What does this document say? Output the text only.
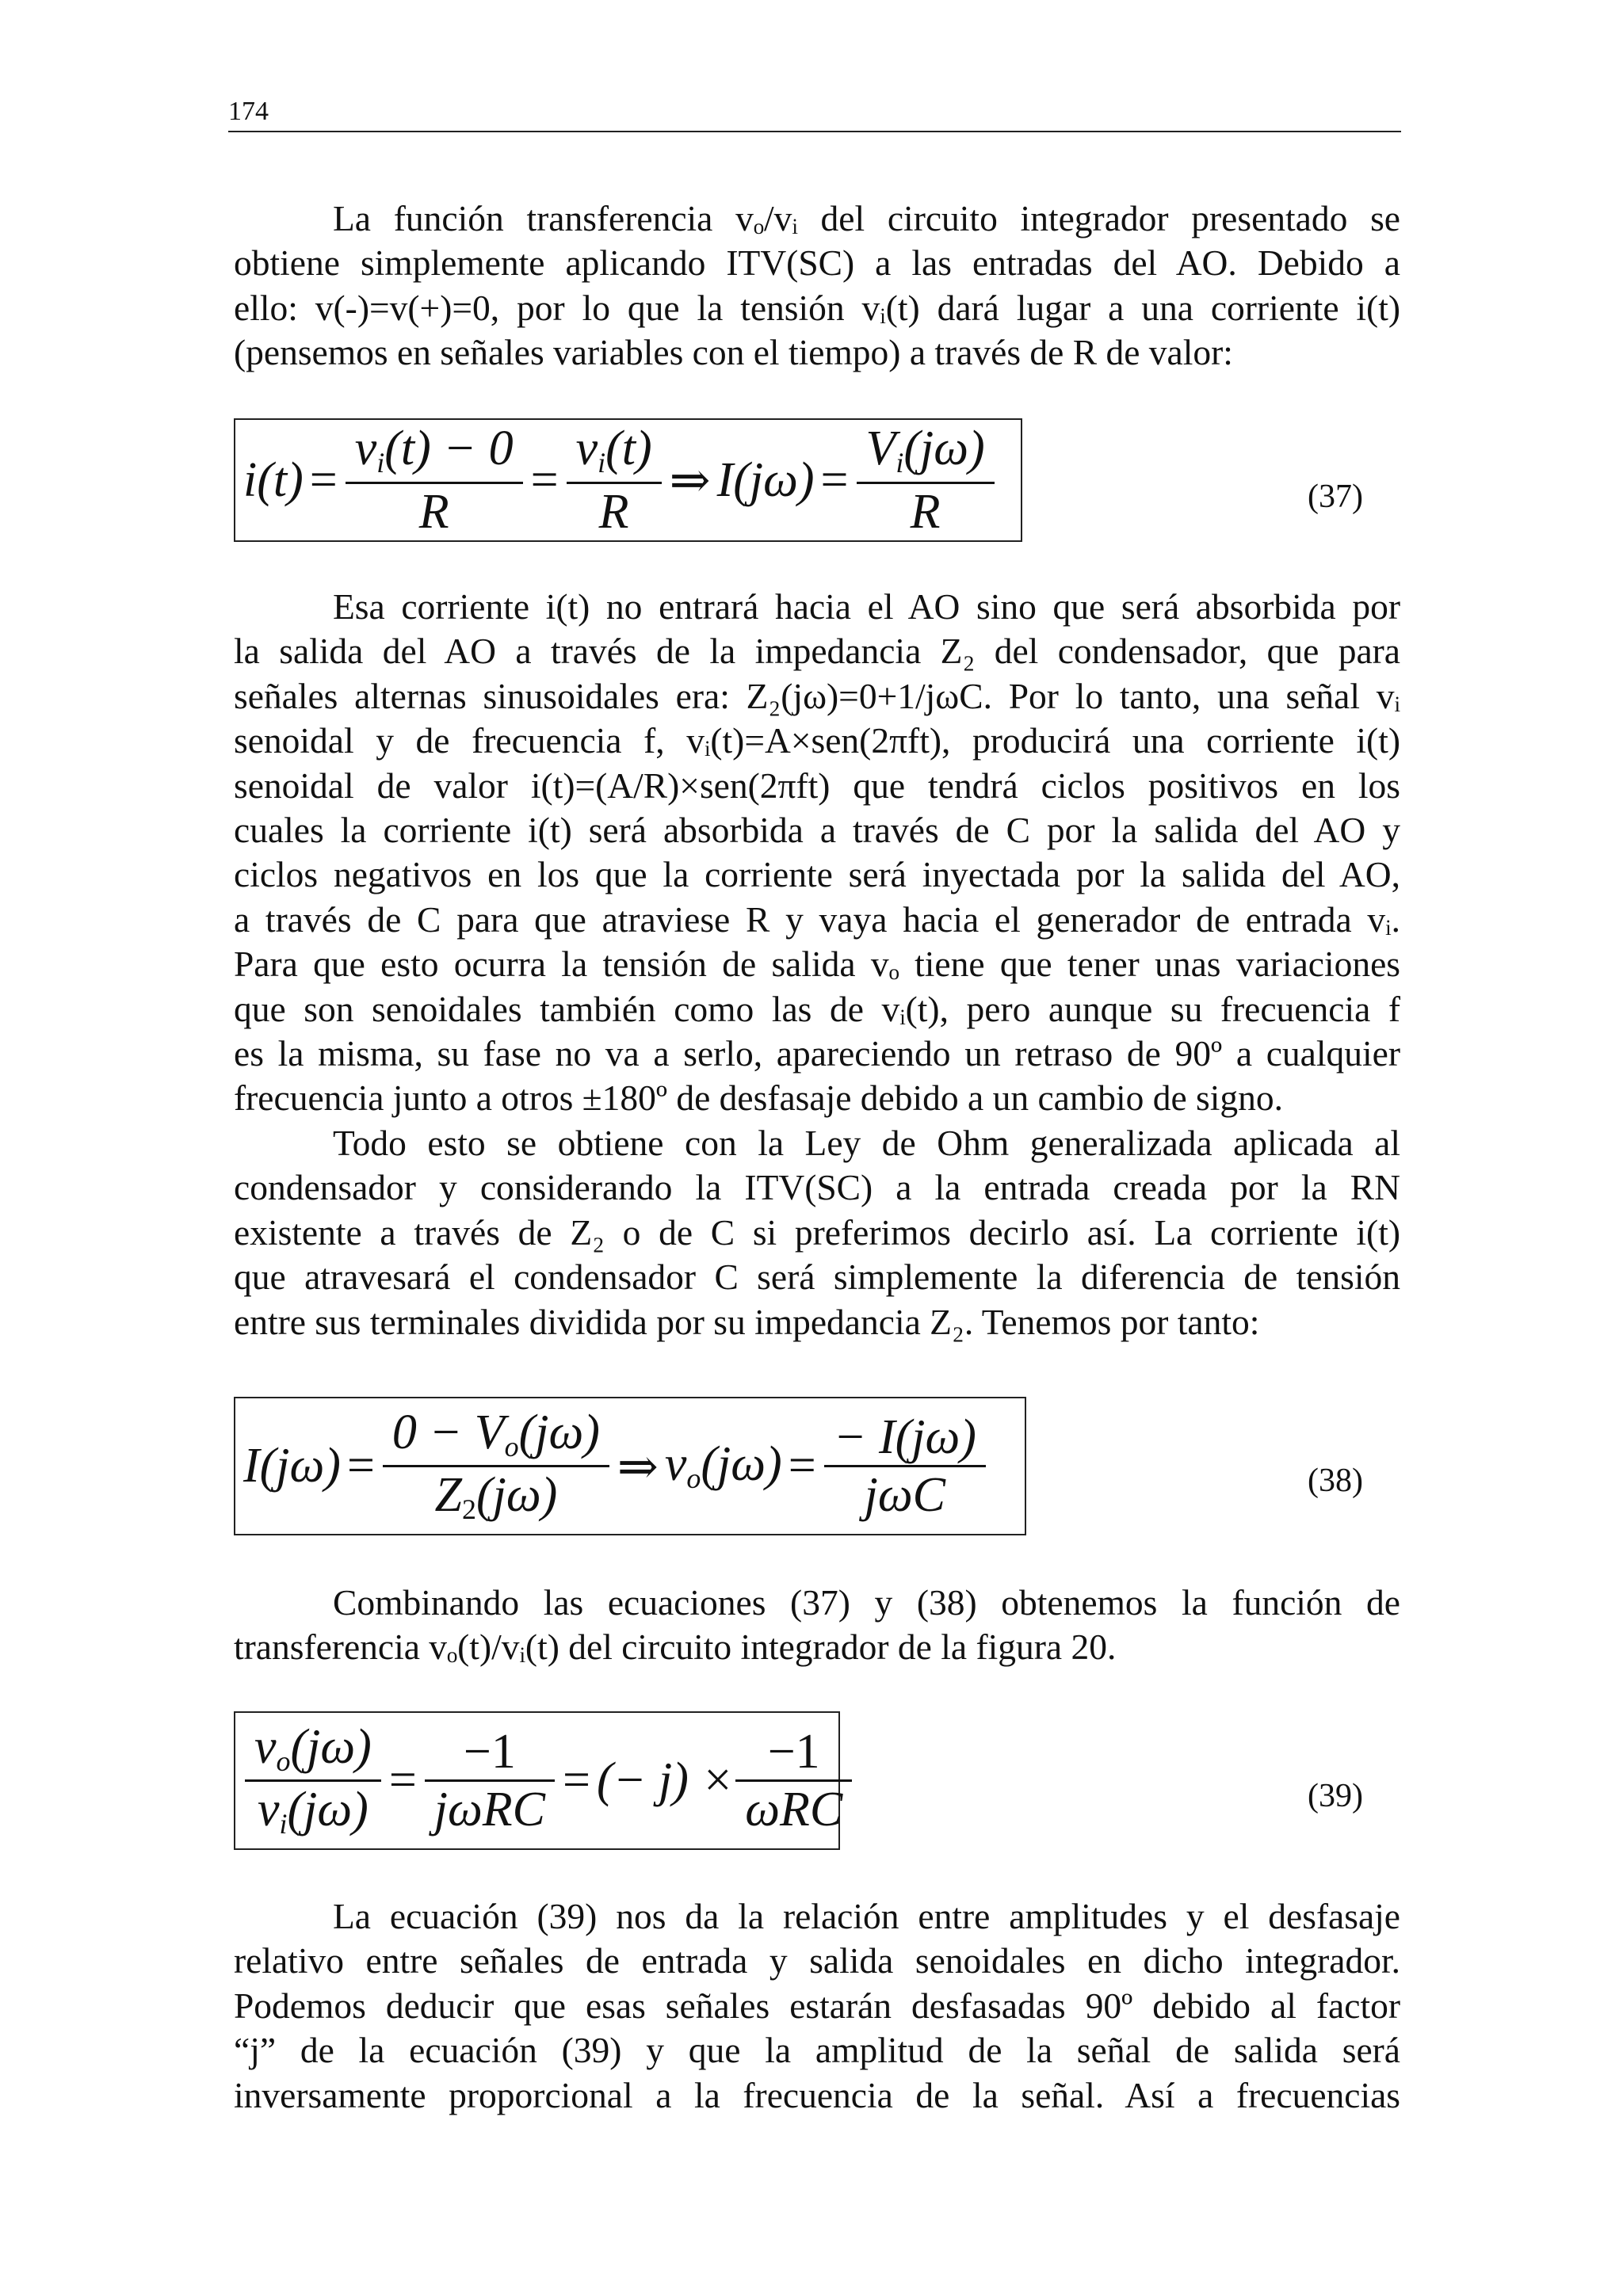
174
La función transferencia vₒ/vᵢ del circuito integrador presentado se
obtiene simplemente aplicando ITV(SC) a las entradas del AO. Debido a
ello: v(-)=v(+)=0, por lo que la tensión vᵢ(t) dará lugar a una corriente i(t)
(pensemos en señales variables con el tiempo) a través de R de valor:
$i(t) = \frac{v_i(t) - 0}{R} = \frac{v_i(t)}{R}$ ⇒ $I(j\omega) = \frac{V_i(j\omega)}{R}$	(37)
Esa corriente i(t) no entrará hacia el AO sino que será absorbida por
la salida del AO a través de la impedancia Z₂ del condensador, que para
señales alternas sinusoidales era: Z₂(jω)=0+1/jωC. Por lo tanto, una señal vᵢ
senoidal y de frecuencia f, vᵢ(t)=A×sen(2πft), producirá una corriente i(t)
senoidal de valor i(t)=(A/R)×sen(2πft) que tendrá ciclos positivos en los
cuales la corriente i(t) será absorbida a través de C por la salida del AO y
ciclos negativos en los que la corriente será inyectada por la salida del AO,
a través de C para que atraviese R y vaya hacia el generador de entrada vᵢ.
Para que esto ocurra la tensión de salida vₒ tiene que tener unas variaciones
que son senoidales también como las de vᵢ(t), pero aunque su frecuencia f
es la misma, su fase no va a serlo, apareciendo un retraso de 90º a cualquier
frecuencia junto a otros ±180º de desfasaje debido a un cambio de signo.
Todo esto se obtiene con la Ley de Ohm generalizada aplicada al
condensador y considerando la ITV(SC) a la entrada creada por la RN
existente a través de Z₂ o de C si preferimos decirlo así. La corriente i(t)
que atravesará el condensador C será simplemente la diferencia de tensión
entre sus terminales dividida por su impedancia Z₂. Tenemos por tanto:
$I(j\omega) = \frac{0 - V_o(j\omega)}{Z_2(j\omega)}$ ⇒ $v_o(j\omega) = \frac{- I(j\omega)}{\text{jωC}}$	(38)
Combinando las ecuaciones (37) y (38) obtenemos la función de
transferencia vₒ(t)/vᵢ(t) del circuito integrador de la figura 20.
$\frac{v_o(j\omega)}{v_i(j\omega)} = \frac{-1}{\text{jωRC}}$ = (− $j) \times \frac{-1}{\text{ωRC}}$	(39)
La ecuación (39) nos da la relación entre amplitudes y el desfasaje
relativo entre señales de entrada y salida senoidales en dicho integrador.
Podemos deducir que esas señales estarán desfasadas 90º debido al factor
“j” de la ecuación (39) y que la amplitud de la señal de salida será
inversamente proporcional a la frecuencia de la señal. Así a frecuencias
